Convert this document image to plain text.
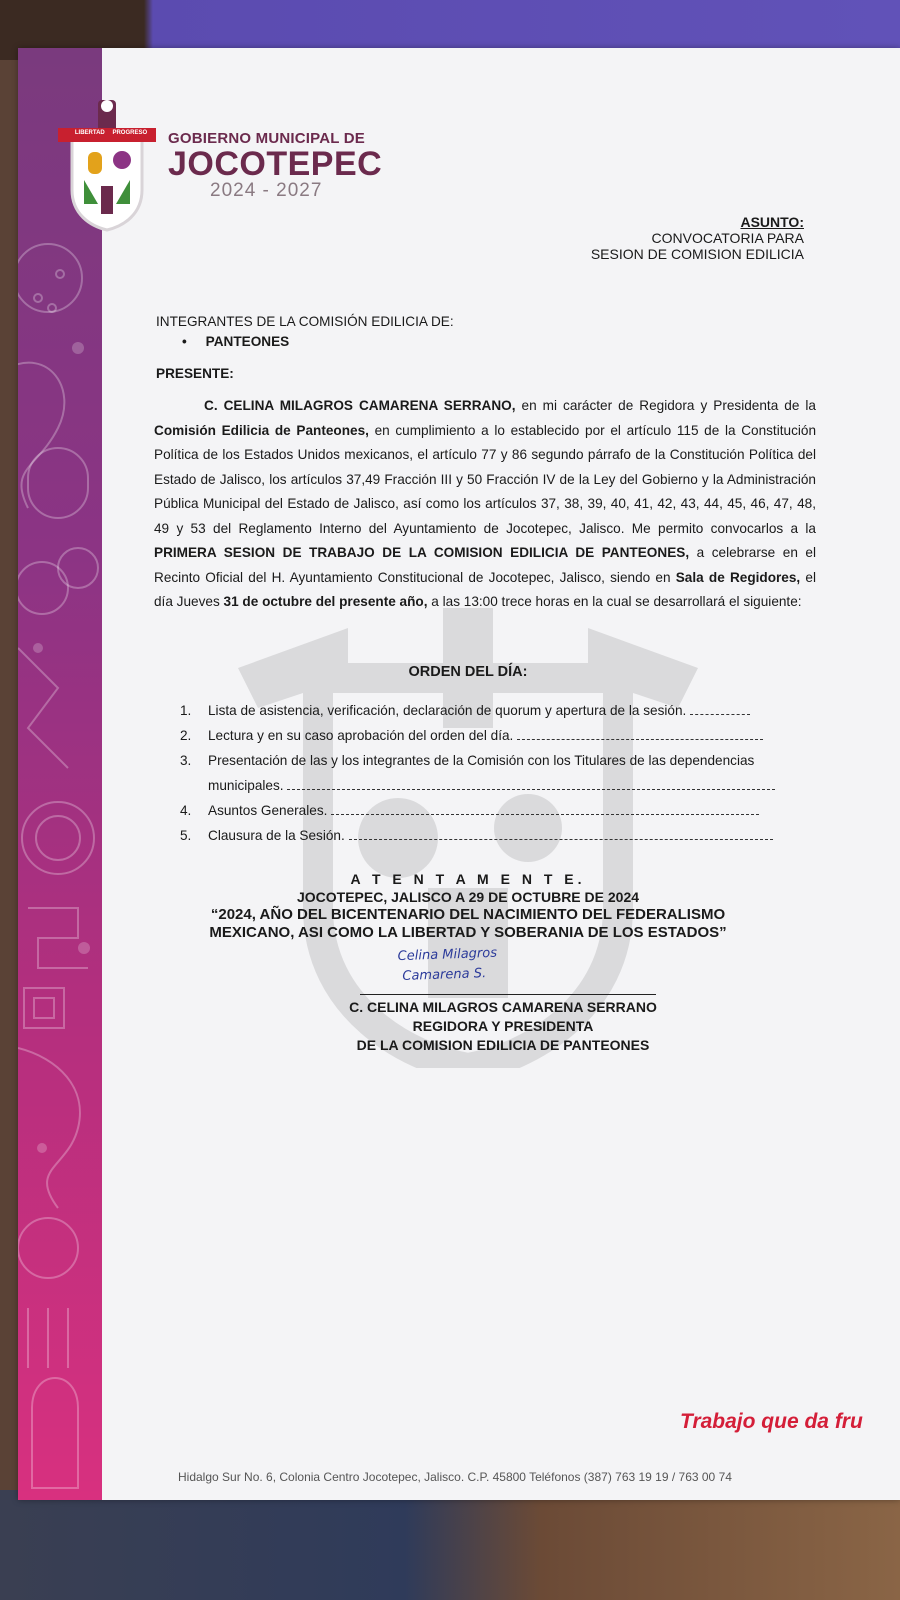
LIBERTAD PROGRESO	GOBIERNO MUNICIPAL DE
JOCOTEPEC
2024 - 2027
ASUNTO:
CONVOCATORIA PARA
SESION DE COMISION EDILICIA
INTEGRANTES DE LA COMISIÓN EDILICIA DE:
•     PANTEONES
PRESENTE:
C. CELINA MILAGROS CAMARENA SERRANO, en mi carácter de Regidora y Presidenta de la Comisión Edilicia de Panteones, en cumplimiento a lo establecido por el artículo 115 de la Constitución Política de los Estados Unidos mexicanos, el artículo 77 y 86 segundo párrafo de la Constitución Política del Estado de Jalisco, los artículos 37,49 Fracción III y 50 Fracción IV de la Ley del Gobierno y la Administración Pública Municipal del Estado de Jalisco, así como los artículos 37, 38, 39, 40, 41, 42, 43, 44, 45, 46, 47, 48, 49 y 53 del Reglamento Interno del Ayuntamiento de Jocotepec, Jalisco. Me permito convocarlos a la PRIMERA SESION DE TRABAJO DE LA COMISION EDILICIA DE PANTEONES, a celebrarse en el Recinto Oficial del H. Ayuntamiento Constitucional de Jocotepec, Jalisco, siendo en Sala de Regidores, el día Jueves 31 de octubre del presente año, a las 13:00 trece horas en la cual se desarrollará el siguiente:
ORDEN DEL DÍA:
1. Lista de asistencia, verificación, declaración de quorum y apertura de la sesión.
2. Lectura y en su caso aprobación del orden del día.
3. Presentación de las y los integrantes de la Comisión con los Titulares de las dependencias
municipales.
4. Asuntos Generales.
5. Clausura de la Sesión.
A T E N T A M E N T E.
JOCOTEPEC, JALISCO A 29 DE OCTUBRE DE 2024
“2024, AÑO DEL BICENTENARIO DEL NACIMIENTO DEL FEDERALISMO
MEXICANO, ASI COMO LA LIBERTAD Y SOBERANIA DE LOS ESTADOS”
Celina Milagros
Camarena S.
C. CELINA MILAGROS CAMARENA SERRANO
REGIDORA Y PRESIDENTA
DE LA COMISION EDILICIA DE PANTEONES
Trabajo que da fru
Hidalgo Sur No. 6, Colonia Centro Jocotepec, Jalisco. C.P. 45800 Teléfonos (387) 763 19 19 / 763 00 74
